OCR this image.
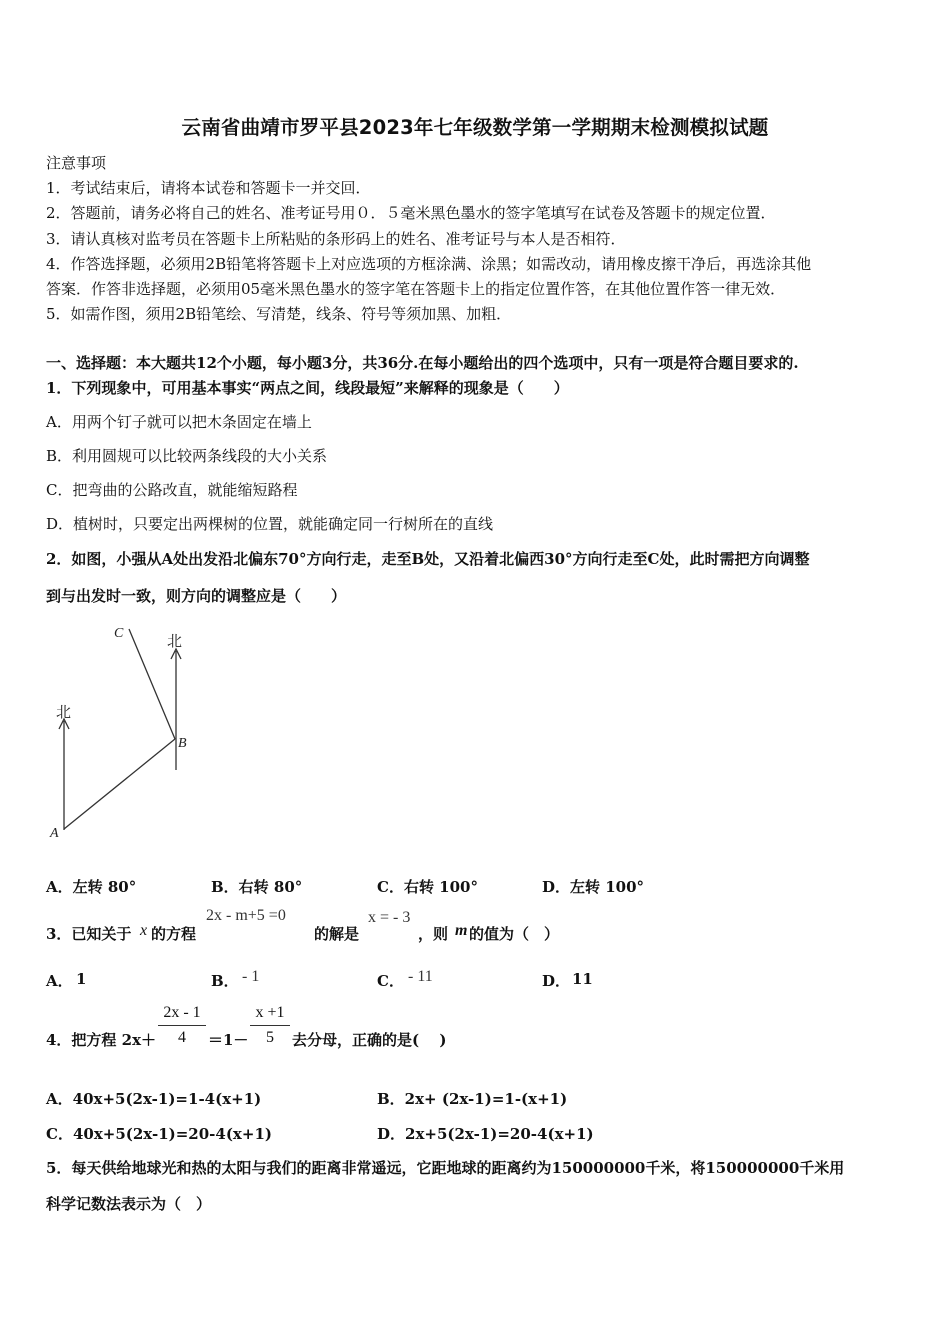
云南省曲靖市罗平县2023年七年级数学第一学期期末检测模拟试题
注意事项
1．考试结束后，请将本试卷和答题卡一并交回．
2．答题前，请务必将自己的姓名、准考证号用０．５毫米黑色墨水的签字笔填写在试卷及答题卡的规定位置．
3．请认真核对监考员在答题卡上所粘贴的条形码上的姓名、准考证号与本人是否相符．
4．作答选择题，必须用2B铅笔将答题卡上对应选项的方框涂满、涂黑；如需改动，请用橡皮擦干净后，再选涂其他
答案．作答非选择题，必须用05毫米黑色墨水的签字笔在答题卡上的指定位置作答，在其他位置作答一律无效．
5．如需作图，须用2B铅笔绘、写清楚，线条、符号等须加黑、加粗．
一、选择题：本大题共12个小题，每小题3分，共36分.在每小题给出的四个选项中，只有一项是符合题目要求的.
1．下列现象中，可用基本事实“两点之间，线段最短”来解释的现象是（　　）
A．用两个钉子就可以把木条固定在墙上
B．利用圆规可以比较两条线段的大小关系
C．把弯曲的公路改直，就能缩短路程
D．植树时，只要定出两棵树的位置，就能确定同一行树所在的直线
2．如图，小强从A处出发沿北偏东70°方向行走，走至B处，又沿着北偏西30°方向行走至C处，此时需把方向调整
到与出发时一致，则方向的调整应是（　　）
北
北
A
B
C
A．左转 80°	B．右转 80°	C．右转 100°	D．左转 100°
3．已知关于 x 的方程
2x - m+5 =0
的解是
x = - 3
，则 m 的值为（　）
A． 1	B． - 1	C． - 11	D． 11
4．把方程 2x＋
2x - 1
4	＝1－
x +1
5	去分母，正确的是(　 )
A．40x+5(2x-1)=1-4(x+1)	B．2x+ (2x-1)=1-(x+1)
C．40x+5(2x-1)=20-4(x+1)	D．2x+5(2x-1)=20-4(x+1)
5．每天供给地球光和热的太阳与我们的距离非常遥远，它距地球的距离约为150000000千米，将150000000千米用
科学记数法表示为（　）
